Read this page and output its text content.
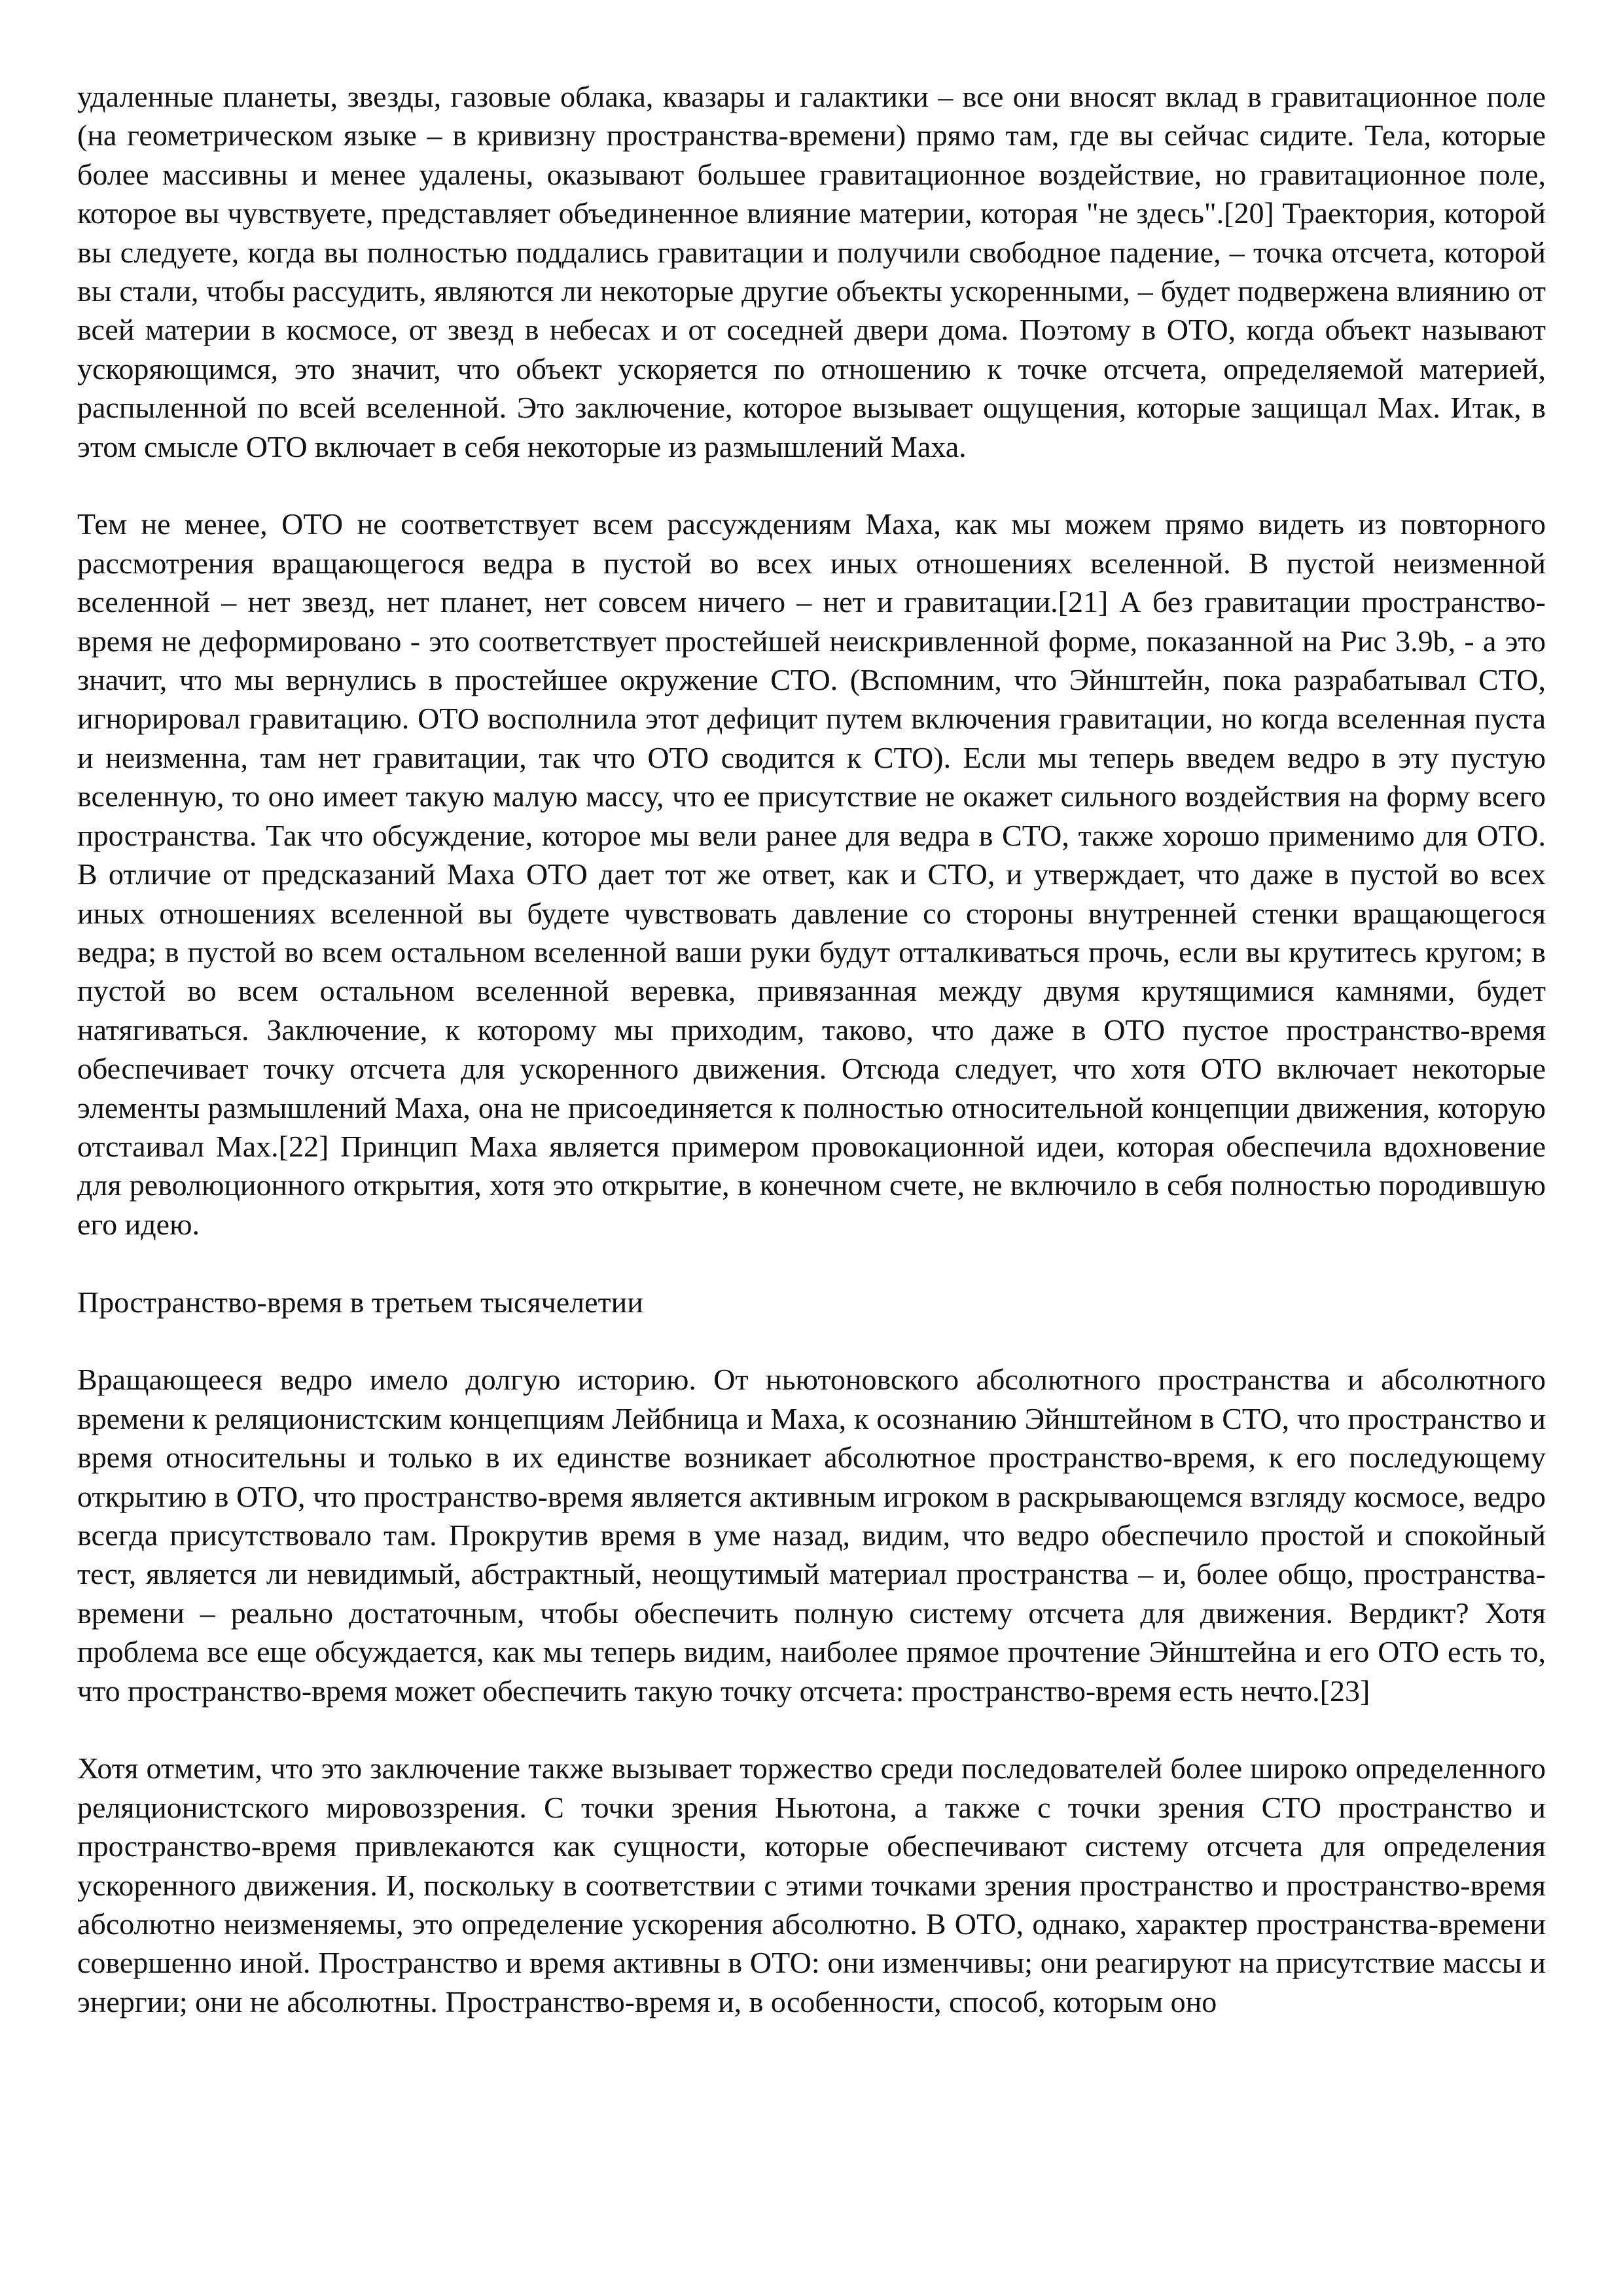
удаленные планеты, звезды, газовые облака, квазары и галактики – все они вносят вклад в гравитационное поле (на геометрическом языке – в кривизну пространства-времени) прямо там, где вы сейчас сидите. Тела, которые более массивны и менее удалены, оказывают большее гравитационное воздействие, но гравитационное поле, которое вы чувствуете, представляет объединенное влияние материи, которая "не здесь".[20] Траектория, которой вы следуете, когда вы полностью поддались гравитации и получили свободное падение, – точка отсчета, которой вы стали, чтобы рассудить, являются ли некоторые другие объекты ускоренными, – будет подвержена влиянию от всей материи в космосе, от звезд в небесах и от соседней двери дома. Поэтому в ОТО, когда объект называют ускоряющимся, это значит, что объект ускоряется по отношению к точке отсчета, определяемой материей, распыленной по всей вселенной. Это заключение, которое вызывает ощущения, которые защищал Мах. Итак, в этом смысле ОТО включает в себя некоторые из размышлений Маха.

Тем не менее, ОТО не соответствует всем рассуждениям Маха, как мы можем прямо видеть из повторного рассмотрения вращающегося ведра в пустой во всех иных отношениях вселенной. В пустой неизменной вселенной – нет звезд, нет планет, нет совсем ничего – нет и гравитации.[21] А без гравитации пространство-время не деформировано - это соответствует простейшей неискривленной форме, показанной на Рис 3.9b, - а это значит, что мы вернулись в простейшее окружение СТО. (Вспомним, что Эйнштейн, пока разрабатывал СТО, игнорировал гравитацию. ОТО восполнила этот дефицит путем включения гравитации, но когда вселенная пуста и неизменна, там нет гравитации, так что ОТО сводится к СТО). Если мы теперь введем ведро в эту пустую вселенную, то оно имеет такую малую массу, что ее присутствие не окажет сильного воздействия на форму всего пространства. Так что обсуждение, которое мы вели ранее для ведра в СТО, также хорошо применимо для ОТО. В отличие от предсказаний Маха ОТО дает тот же ответ, как и СТО, и утверждает, что даже в пустой во всех иных отношениях вселенной вы будете чувствовать давление со стороны внутренней стенки вращающегося ведра; в пустой во всем остальном вселенной ваши руки будут отталкиваться прочь, если вы крутитесь кругом; в пустой во всем остальном вселенной веревка, привязанная между двумя крутящимися камнями, будет натягиваться. Заключение, к которому мы приходим, таково, что даже в ОТО пустое пространство-время обеспечивает точку отсчета для ускоренного движения. Отсюда следует, что хотя ОТО включает некоторые элементы размышлений Маха, она не присоединяется к полностью относительной концепции движения, которую отстаивал Мах.[22] Принцип Маха является примером провокационной идеи, которая обеспечила вдохновение для революционного открытия, хотя это открытие, в конечном счете, не включило в себя полностью породившую его идею.

Пространство-время в третьем тысячелетии

Вращающееся ведро имело долгую историю. От ньютоновского абсолютного пространства и абсолютного времени к реляционистским концепциям Лейбница и Маха, к осознанию Эйнштейном в СТО, что пространство и время относительны и только в их единстве возникает абсолютное пространство-время, к его последующему открытию в ОТО, что пространство-время является активным игроком в раскрывающемся взгляду космосе, ведро всегда присутствовало там. Прокрутив время в уме назад, видим, что ведро обеспечило простой и спокойный тест, является ли невидимый, абстрактный, неощутимый материал пространства – и, более общо, пространства-времени – реально достаточным, чтобы обеспечить полную систему отсчета для движения. Вердикт? Хотя проблема все еще обсуждается, как мы теперь видим, наиболее прямое прочтение Эйнштейна и его ОТО есть то, что пространство-время может обеспечить такую точку отсчета: пространство-время есть нечто.[23]

Хотя отметим, что это заключение также вызывает торжество среди последователей более широко определенного реляционистского мировоззрения. С точки зрения Ньютона, а также с точки зрения СТО пространство и пространство-время привлекаются как сущности, которые обеспечивают систему отсчета для определения ускоренного движения. И, поскольку в соответствии с этими точками зрения пространство и пространство-время абсолютно неизменяемы, это определение ускорения абсолютно. В ОТО, однако, характер пространства-времени совершенно иной. Пространство и время активны в ОТО: они изменчивы; они реагируют на присутствие массы и энергии; они не абсолютны. Пространство-время и, в особенности, способ, которым оно
